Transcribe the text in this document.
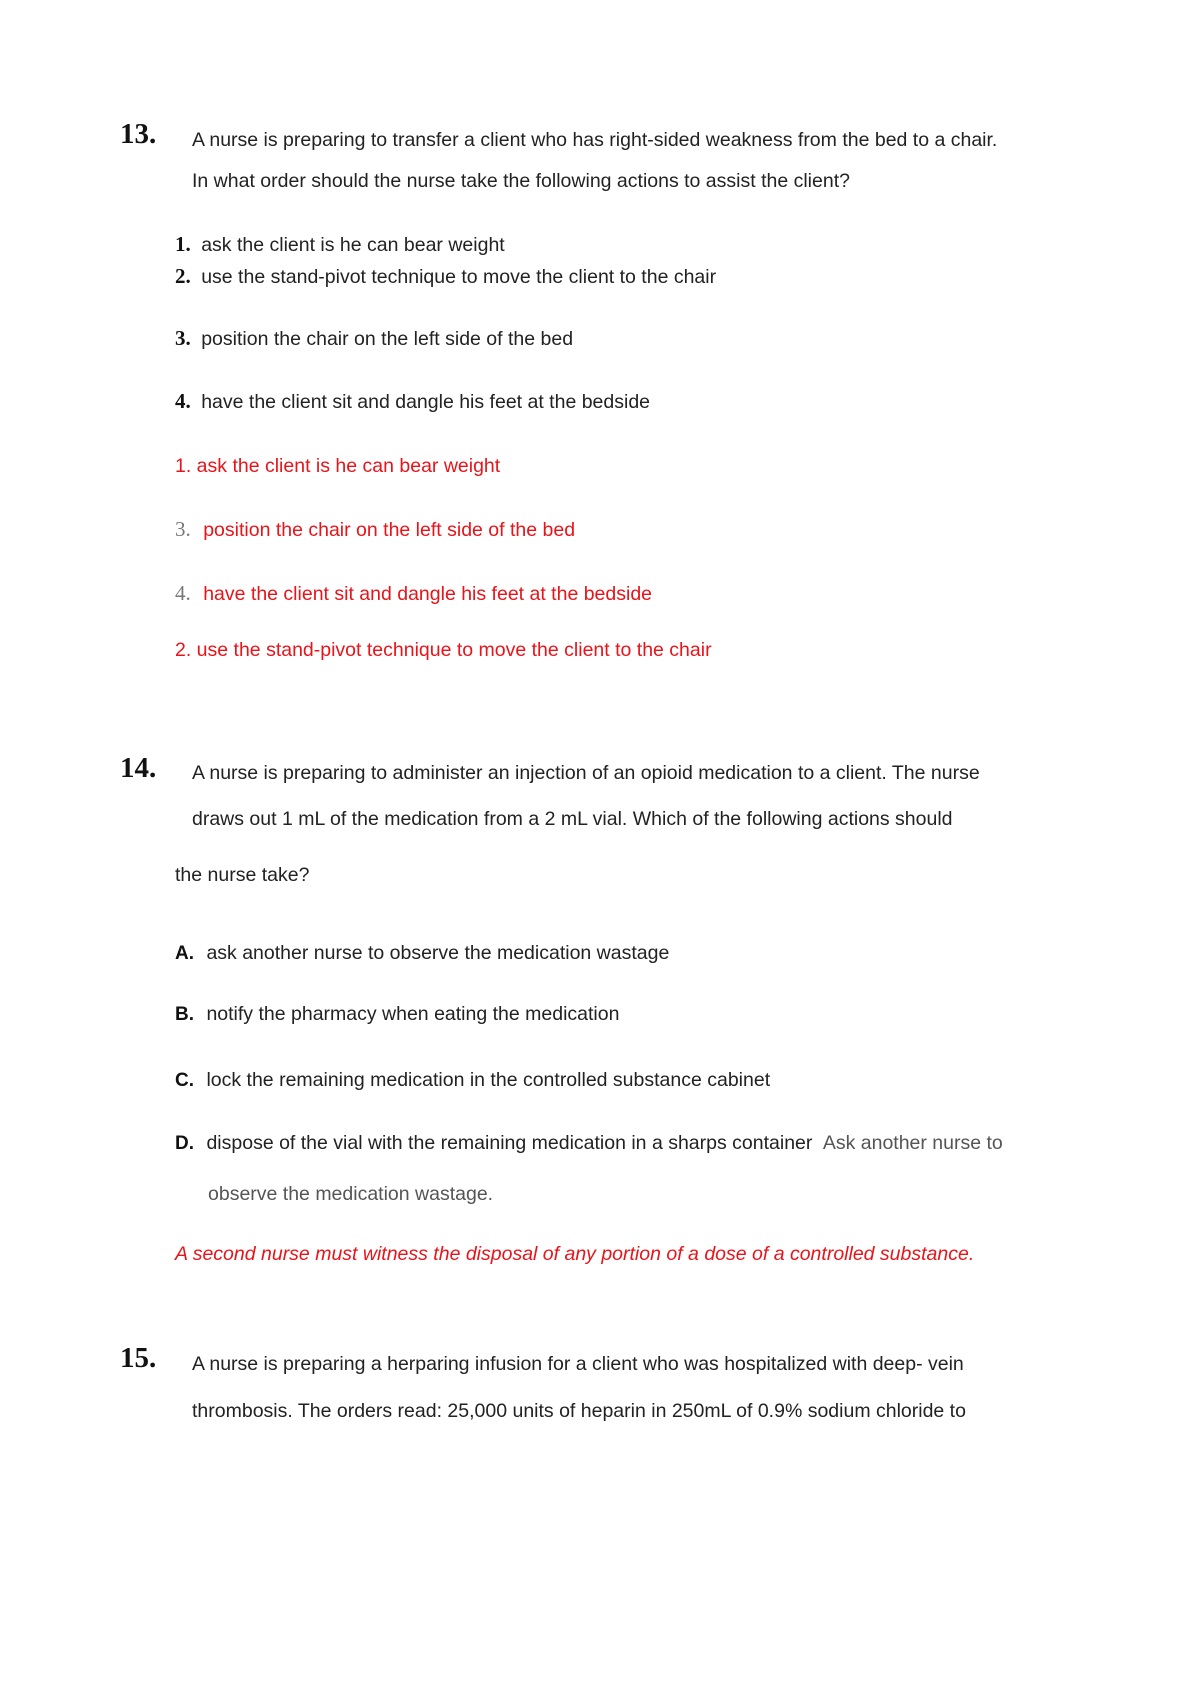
13. A nurse is preparing to transfer a client who has right-sided weakness from the bed to a chair.
In what order should the nurse take the following actions to assist the client?
1. ask the client is he can bear weight
2. use the stand-pivot technique to move the client to the chair
3. position the chair on the left side of the bed
4. have the client sit and dangle his feet at the bedside
1. ask the client is he can bear weight
3. position the chair on the left side of the bed
4. have the client sit and dangle his feet at the bedside
2. use the stand-pivot technique to move the client to the chair
14. A nurse is preparing to administer an injection of an opioid medication to a client. The nurse
draws out 1 mL of the medication from a 2 mL vial. Which of the following actions should
the nurse take?
A. ask another nurse to observe the medication wastage
B. notify the pharmacy when eating the medication
C. lock the remaining medication in the controlled substance cabinet
D. dispose of the vial with the remaining medication in a sharps container Ask another nurse to
observe the medication wastage.
A second nurse must witness the disposal of any portion of a dose of a controlled substance.
15. A nurse is preparing a herparing infusion for a client who was hospitalized with deep- vein
thrombosis. The orders read: 25,000 units of heparin in 250mL of 0.9% sodium chloride to
